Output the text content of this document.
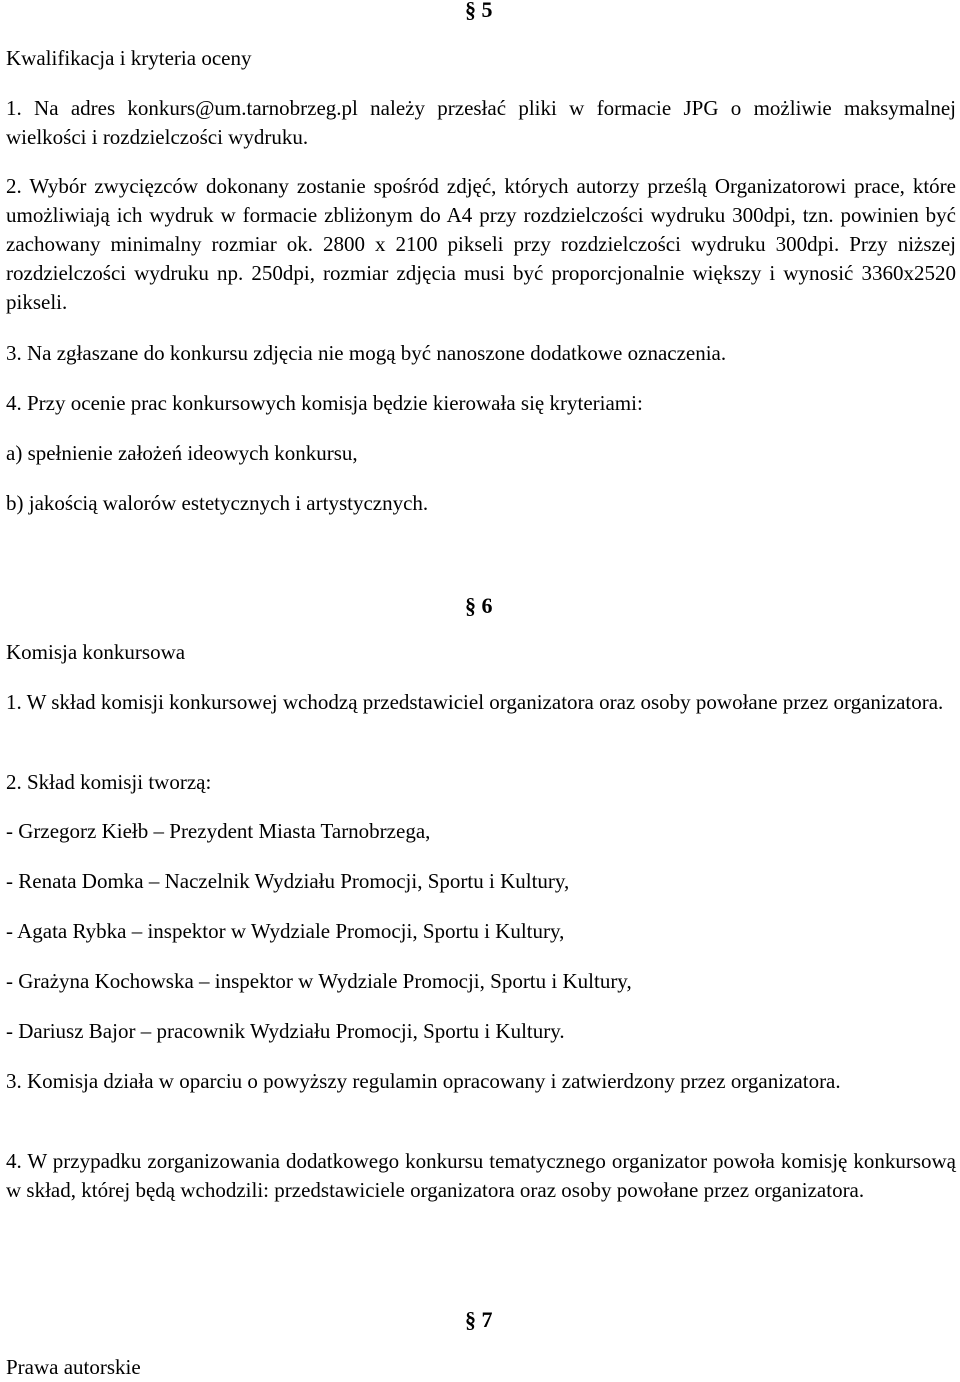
§ 5

Kwalifikacja i kryteria oceny

1. Na adres konkurs@um.tarnobrzeg.pl należy przesłać pliki w formacie JPG o możliwie maksymalnej wielkości i rozdzielczości wydruku.

2. Wybór zwycięzców dokonany zostanie spośród zdjęć, których autorzy prześlą Organizatorowi prace, które umożliwiają ich wydruk w formacie zbliżonym do A4 przy rozdzielczości wydruku 300dpi, tzn. powinien być zachowany minimalny rozmiar ok. 2800 x 2100 pikseli przy rozdzielczości wydruku 300dpi. Przy niższej rozdzielczości wydruku np. 250dpi, rozmiar zdjęcia musi być proporcjonalnie większy i wynosić 3360x2520 pikseli.

3. Na zgłaszane do konkursu zdjęcia nie mogą być nanoszone dodatkowe oznaczenia.

4. Przy ocenie prac konkursowych komisja będzie kierowała się kryteriami:

a) spełnienie założeń ideowych konkursu,

b) jakością walorów estetycznych i artystycznych.

§ 6

Komisja konkursowa

1. W skład komisji konkursowej wchodzą przedstawiciel organizatora oraz osoby powołane przez organizatora.

2. Skład komisji tworzą:

- Grzegorz Kiełb – Prezydent Miasta Tarnobrzega,

- Renata Domka – Naczelnik Wydziału Promocji, Sportu i Kultury,

- Agata Rybka – inspektor w Wydziale Promocji, Sportu i Kultury,

- Grażyna Kochowska – inspektor w Wydziale Promocji, Sportu i Kultury,

- Dariusz Bajor – pracownik Wydziału Promocji, Sportu i Kultury.

3. Komisja działa w oparciu o powyższy regulamin opracowany i zatwierdzony przez organizatora.

4. W przypadku zorganizowania dodatkowego konkursu tematycznego organizator powoła komisję konkursową w skład, której będą wchodzili: przedstawiciele organizatora oraz osoby powołane przez organizatora.

§ 7

Prawa autorskie
